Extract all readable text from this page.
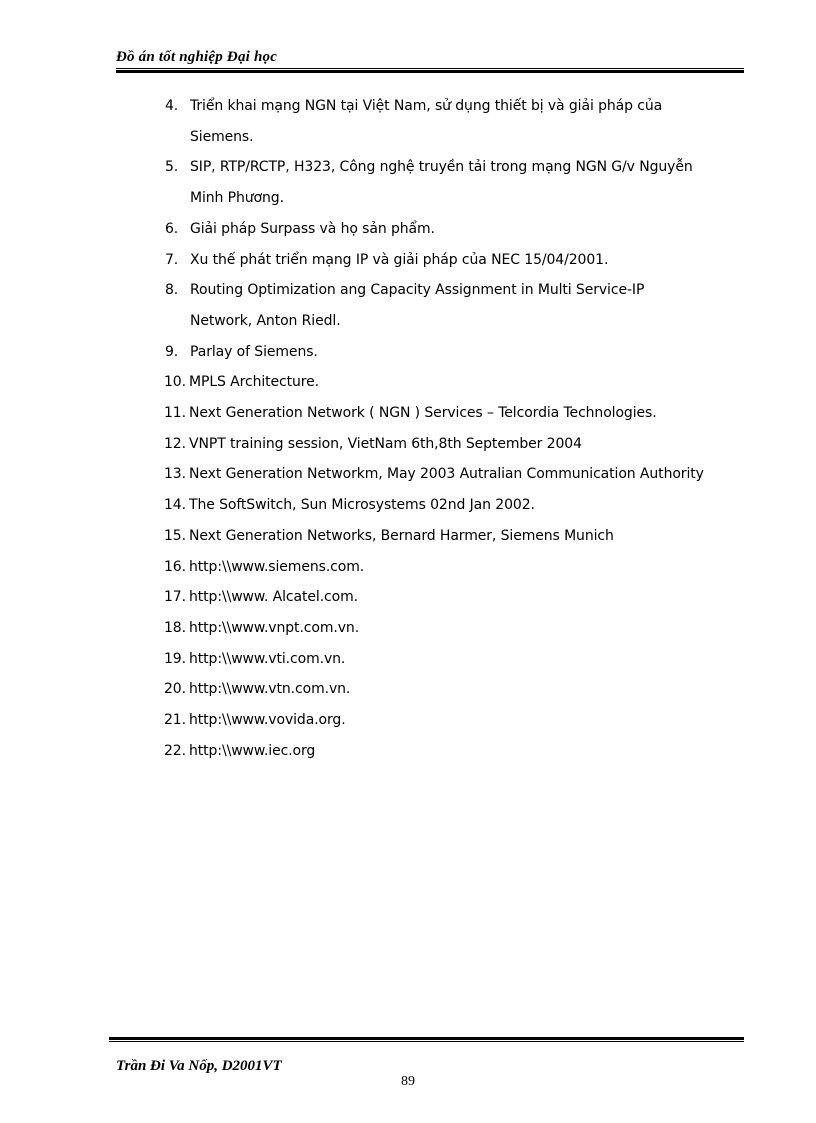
Đồ án tốt nghiệp Đại học
4. Triển khai mạng NGN tại Việt Nam, sử dụng thiết bị và giải pháp của
Siemens.
5. SIP, RTP/RCTP, H323, Công nghệ truyền tải trong mạng NGN G/v Nguyễn
Minh Phương.
6. Giải pháp Surpass và họ sản phẩm.
7. Xu thế phát triển mạng IP và giải pháp của NEC 15/04/2001.
8. Routing Optimization ang Capacity Assignment in Multi Service-IP
Network, Anton Riedl.
9. Parlay of Siemens.
10. MPLS Architecture.
11. Next Generation Network ( NGN ) Services – Telcordia Technologies.
12. VNPT training session, VietNam 6th,8th September 2004
13. Next Generation Networkm, May 2003 Autralian Communication Authority
14. The SoftSwitch, Sun Microsystems 02nd Jan 2002.
15. Next Generation Networks, Bernard Harmer, Siemens Munich
16. http:\\www.siemens.com.
17. http:\\www. Alcatel.com.
18. http:\\www.vnpt.com.vn.
19. http:\\www.vti.com.vn.
20. http:\\www.vtn.com.vn.
21. http:\\www.vovida.org.
22. http:\\www.iec.org
Trần Đi Va Nốp, D2001VT
89
